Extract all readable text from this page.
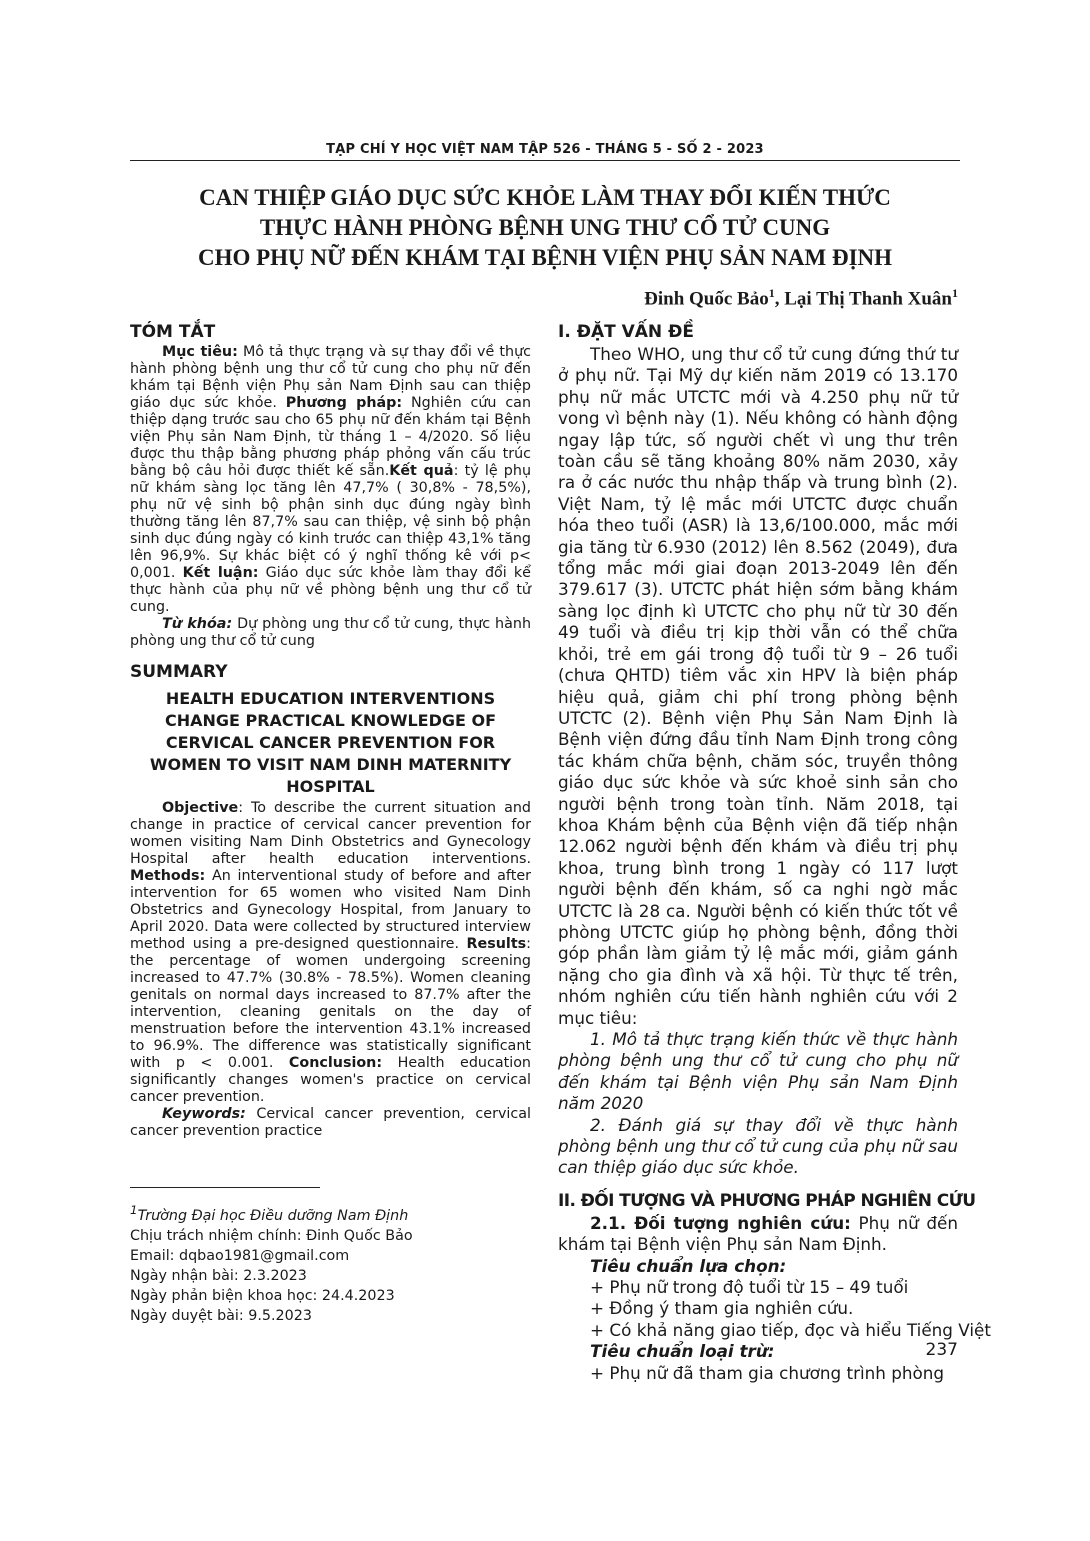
TẠP CHÍ Y HỌC VIỆT NAM TẬP 526 - THÁNG 5 - SỐ 2 - 2023
CAN THIỆP GIÁO DỤC SỨC KHỎE LÀM THAY ĐỔI KIẾN THỨC
THỰC HÀNH PHÒNG BỆNH UNG THƯ CỔ TỬ CUNG
CHO PHỤ NỮ ĐẾN KHÁM TẠI BỆNH VIỆN PHỤ SẢN NAM ĐỊNH
Đinh Quốc Bảo$^1$, Lại Thị Thanh Xuân$^1$
TÓM TẮT

Mục tiêu: Mô tả thực trạng và sự thay đổi về thực hành phòng bệnh ung thư cổ tử cung cho phụ nữ đến khám tại Bệnh viện Phụ sản Nam Định sau can thiệp giáo dục sức khỏe. Phương pháp: Nghiên cứu can thiệp dạng trước sau cho 65 phụ nữ đến khám tại Bệnh viện Phụ sản Nam Định, từ tháng 1 – 4/2020. Số liệu được thu thập bằng phương pháp phỏng vấn cấu trúc bằng bộ câu hỏi được thiết kế sẵn.Kết quả: tỷ lệ phụ nữ khám sàng lọc tăng lên 47,7% ( 30,8% - 78,5%), phụ nữ vệ sinh bộ phận sinh dục đúng ngày bình thường tăng lên 87,7% sau can thiệp, vệ sinh bộ phận sinh dục đúng ngày có kinh trước can thiệp 43,1% tăng lên 96,9%. Sự khác biệt có ý nghĩ thống kê với p< 0,001. Kết luận: Giáo dục sức khỏe làm thay đổi kể thực hành của phụ nữ về phòng bệnh ung thư cổ tử cung.

Từ khóa: Dự phòng ung thư cổ tử cung, thực hành phòng ung thư cổ tử cung

SUMMARY
HEALTH EDUCATION INTERVENTIONS CHANGE PRACTICAL KNOWLEDGE OF CERVICAL CANCER PREVENTION FOR WOMEN TO VISIT NAM DINH MATERNITY HOSPITAL

Objective: To describe the current situation and change in practice of cervical cancer prevention for women visiting Nam Dinh Obstetrics and Gynecology Hospital after health education interventions. Methods: An interventional study of before and after intervention for 65 women who visited Nam Dinh Obstetrics and Gynecology Hospital, from January to April 2020. Data were collected by structured interview method using a pre-designed questionnaire. Results: the percentage of women undergoing screening increased to 47.7% (30.8% - 78.5%). Women cleaning genitals on normal days increased to 87.7% after the intervention, cleaning genitals on the day of menstruation before the intervention 43.1% increased to 96.9%. The difference was statistically significant with p < 0.001. Conclusion: Health education significantly changes women's practice on cervical cancer prevention.

Keywords: Cervical cancer prevention, cervical cancer prevention practice

$^1$Trường Đại học Điều dưỡng Nam Định
Chịu trách nhiệm chính: Đinh Quốc Bảo
Email: dqbao1981@gmail.com
Ngày nhận bài: 2.3.2023
Ngày phản biện khoa học: 24.4.2023
Ngày duyệt bài: 9.5.2023
I. ĐẶT VẤN ĐỀ

Theo WHO, ung thư cổ tử cung đứng thứ tư ở phụ nữ. Tại Mỹ dự kiến năm 2019 có 13.170 phụ nữ mắc UTCTC mới và 4.250 phụ nữ tử vong vì bệnh này (1). Nếu không có hành động ngay lập tức, số người chết vì ung thư trên toàn cầu sẽ tăng khoảng 80% năm 2030, xảy ra ở các nước thu nhập thấp và trung bình (2). Việt Nam, tỷ lệ mắc mới UTCTC được chuẩn hóa theo tuổi (ASR) là 13,6/100.000, mắc mới gia tăng từ 6.930 (2012) lên 8.562 (2049), đưa tổng mắc mới giai đoạn 2013-2049 lên đến 379.617 (3). UTCTC phát hiện sớm bằng khám sàng lọc định kì UTCTC cho phụ nữ từ 30 đến 49 tuổi và điều trị kịp thời vẫn có thể chữa khỏi, trẻ em gái trong độ tuổi từ 9 – 26 tuổi (chưa QHTD) tiêm vắc xin HPV là biện pháp hiệu quả, giảm chi phí trong phòng bệnh UTCTC (2). Bệnh viện Phụ Sản Nam Định là Bệnh viện đứng đầu tỉnh Nam Định trong công tác khám chữa bệnh, chăm sóc, truyền thông giáo dục sức khỏe và sức khoẻ sinh sản cho người bệnh trong toàn tỉnh. Năm 2018, tại khoa Khám bệnh của Bệnh viện đã tiếp nhận 12.062 người bệnh đến khám và điều trị phụ khoa, trung bình trong 1 ngày có 117 lượt người bệnh đến khám, số ca nghi ngờ mắc UTCTC là 28 ca. Người bệnh có kiến thức tốt về phòng UTCTC giúp họ phòng bệnh, đồng thời góp phần làm giảm tỷ lệ mắc mới, giảm gánh nặng cho gia đình và xã hội. Từ thực tế trên, nhóm nghiên cứu tiến hành nghiên cứu với 2 mục tiêu:

1. Mô tả thực trạng kiến thức về thực hành phòng bệnh ung thư cổ tử cung cho phụ nữ đến khám tại Bệnh viện Phụ sản Nam Định năm 2020

2. Đánh giá sự thay đổi về thực hành phòng bệnh ung thư cổ tử cung của phụ nữ sau can thiệp giáo dục sức khỏe.

II. ĐỐI TƯỢNG VÀ PHƯƠNG PHÁP NGHIÊN CỨU

2.1. Đối tượng nghiên cứu: Phụ nữ đến khám tại Bệnh viện Phụ sản Nam Định.

Tiêu chuẩn lựa chọn:

+ Phụ nữ trong độ tuổi từ 15 – 49 tuổi

+ Đồng ý tham gia nghiên cứu.

+ Có khả năng giao tiếp, đọc và hiểu Tiếng Việt

Tiêu chuẩn loại trừ:

+ Phụ nữ đã tham gia chương trình phòng

237
